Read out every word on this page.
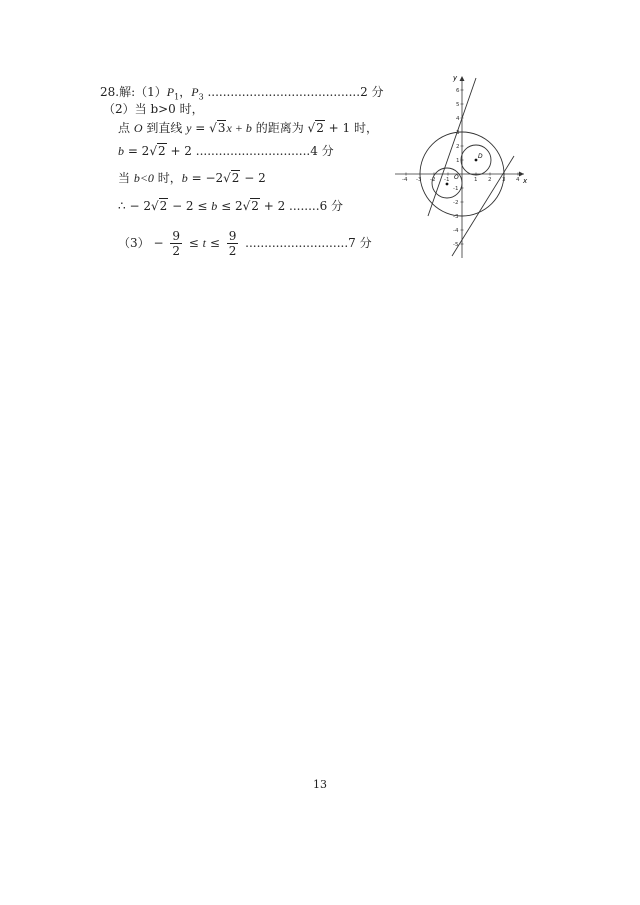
28.解$:(1)P_1$，$P_3$ ........................................2 分
（2）当 b>0 时，
点 O 到直线 y = √3x + b 的距离为 √2 + 1 时，
b = 2√2 + 2 ..............................4 分
当 b<0 时，b = −2√2 − 2
∴ − 2√2 − 2 ≤ b ≤ 2√2 + 2 ........6 分
$(3) - \frac{9}{2} \le t \le \frac{9}{2} ...........................7$ 分
y
x
O
D
-4 -3 -2 -1	1 2 3 4
6
5
4
3
2
1
-1
-2
-3
-4
-5
13
